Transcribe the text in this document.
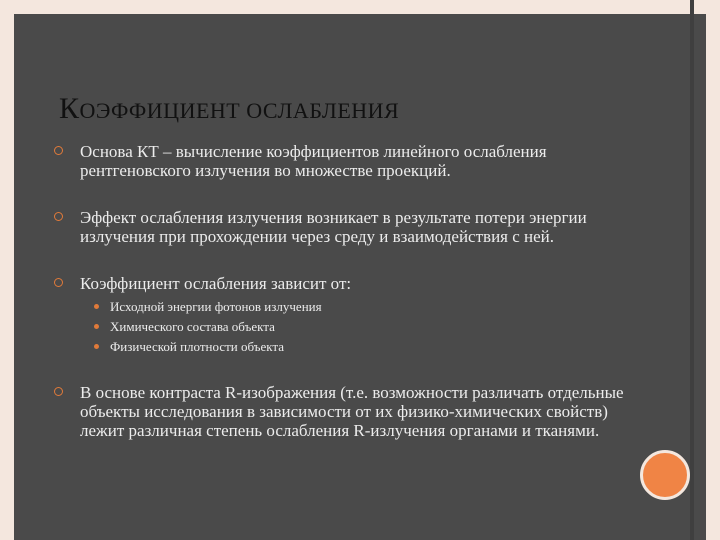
КОЭФФИЦИЕНТ ОСЛАБЛЕНИЯ
Основа КТ – вычисление коэффициентов линейного ослабления рентгеновского излучения во множестве проекций.
Эффект ослабления излучения возникает в результате потери энергии излучения при прохождении через среду и взаимодействия с ней.
Коэффициент ослабления зависит от:
Исходной энергии фотонов излучения
Химического состава объекта
Физической плотности объекта
В основе контраста R-изображения (т.е. возможности различать отдельные объекты исследования в зависимости от их физико-химических свойств) лежит различная степень ослабления R-излучения органами и тканями.
